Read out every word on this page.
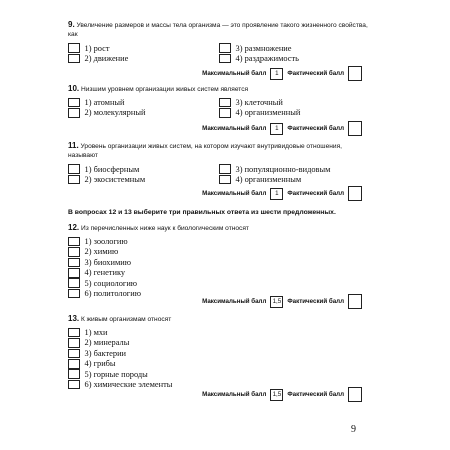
9. Увеличение размеров и массы тела организма — это проявление такого жизненного свойства, как
1) рост
2) движение
3) размножение
4) раздражимость
Максимальный балл	1	Фактический балл
10. Низшим уровнем организации живых систем является
1) атомный
2) молекулярный
3) клеточный
4) организменный
Максимальный балл	1	Фактический балл
11. Уровень организации живых систем, на котором изучают внутривидовые отношения, называют
1) биосферным
2) экосистемным
3) популяционно-видовым
4) организменным
Максимальный балл	1	Фактический балл
В вопросах 12 и 13 выберите три правильных ответа из шести предложенных.
12. Из перечисленных ниже наук к биологическим относят
1) зоологию
2) химию
3) биохимию
4) генетику
5) социологию
6) политологию
Максимальный балл 1,5	Фактический балл
13. К живым организмам относят
1) мхи
2) минералы
3) бактерии
4) грибы
5) горные породы
6) химические элементы
Максимальный балл 1,5	Фактический балл
9
